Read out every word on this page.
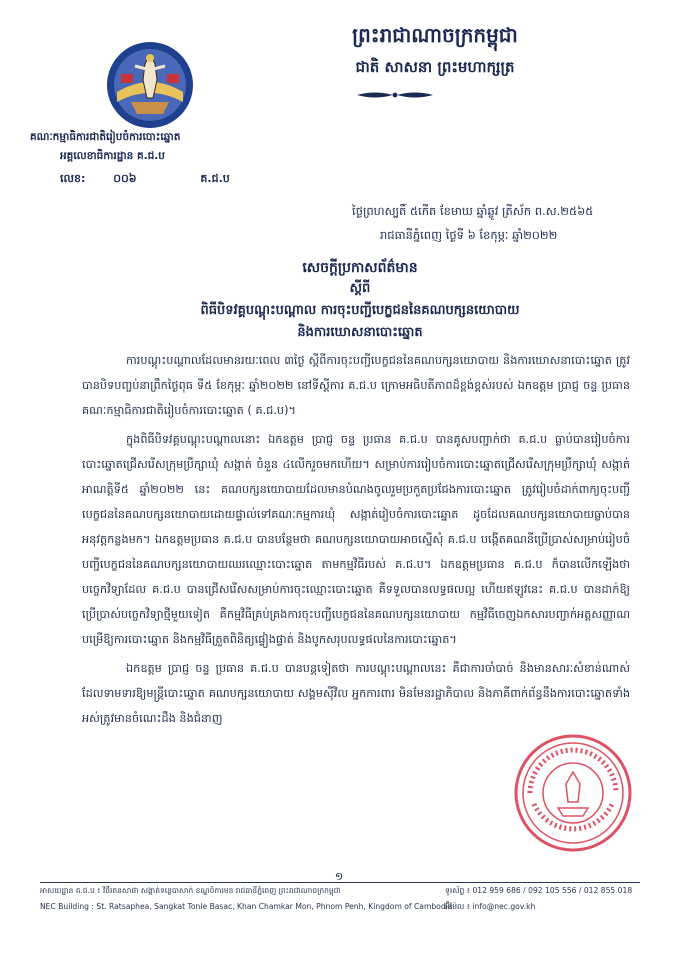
ព្រះរាជាណាចក្រកម្ពុជា
ជាតិ សាសនា ព្រះមហាក្សត្រ
គណៈកម្មាធិការជាតិរៀបចំការបោះឆ្នោត
អគ្គលេខាធិការដ្ឋាន គ.ជ.ប
លេខ:	០០៦	គ.ជ.ប
ថ្ងៃព្រហស្បតិ៍ ៥កើត ខែមាឃ ឆ្នាំឆ្លូវ ត្រីស័ក ព.ស.២៥៦៥
រាជធានីភ្នំពេញ ថ្ងៃទី ៦ ខែកុម្ភៈ ឆ្នាំ២០២២
សេចក្តីប្រកាសព័ត៌មាន
ស្តីពី
ពិធីបិទវគ្គបណ្តុះបណ្តាល ការចុះបញ្ជីបេក្ខជននៃគណបក្សនយោបាយ
និងការឃោសនាបោះឆ្នោត

ការបណ្តុះបណ្តាលដែលមានរយៈពេល ៣ថ្ងៃ ស្តីពីការចុះបញ្ជីបេក្ខជននៃគណបក្សនយោបាយ និងការឃោសនាបោះឆ្នោត ត្រូវបានបិទបញ្ចប់នាព្រឹកថ្ងៃពុធ ទី៥ ខែកុម្ភៈ ឆ្នាំ២០២២ នៅទីស្តីការ គ.ជ.ប ក្រោមអធិបតីភាពដ៏ខ្ពង់ខ្ពស់របស់ ឯកឧត្តម ប្រាជ្ញ ចន្ទ ប្រធានគណៈកម្មាធិការជាតិរៀបចំការបោះឆ្នោត ( គ.ជ.ប)។

ក្នុងពិធីបិទវគ្គបណ្តុះបណ្តាលនោះ ឯកឧត្តម ប្រាជ្ញ ចន្ទ ប្រធាន គ.ជ.ប បានគូសបញ្ជាក់ថា គ.ជ.ប ធ្លាប់បានរៀបចំការបោះឆ្នោតជ្រើសរើសក្រុមប្រឹក្សាឃុំ សង្កាត់ ចំនួន ៤លើករួចមកហើយ។ សម្រាប់ការរៀបចំការបោះឆ្នោតជ្រើសរើសក្រុមប្រឹក្សាឃុំ សង្កាត់ អាណត្តិទី៥ ឆ្នាំ២០២២ នេះ គណបក្សនយោបាយដែលមានបំណងចូលរួមប្រកួតប្រជែងការបោះឆ្នោត ត្រូវរៀបចំដាក់ពាក្យចុះបញ្ជីបេក្ខជននៃគណបក្សនយោបាយដោយផ្ទាល់ទៅគណៈកម្មការឃុំ សង្កាត់រៀបចំការបោះឆ្នោត ដូចដែលគណបក្សនយោបាយធ្លាប់បានអនុវត្តកន្លងមក។ ឯកឧត្តមប្រធាន គ.ជ.ប បានបន្ថែមថា គណបក្សនយោបាយអាចស្នើសុំ គ.ជ.ប បង្កើតគណនីប្រើប្រាស់សម្រាប់រៀបចំបញ្ជីបេក្ខជននៃគណបក្សនយោបាយឈរឈ្មោះបោះឆ្នោត តាមកម្មវិធីរបស់ គ.ជ.ប។ ឯកឧត្តមប្រធាន គ.ជ.ប ក៏បានលើកឡើងថា បច្ចេកវិទ្យាដែល គ.ជ.ប បានជ្រើសរើសសម្រាប់ការចុះឈ្មោះបោះឆ្នោត គឺទទួលបានលទ្ធផលល្អ ហើយឥឡូវនេះ គ.ជ.ប បានដាក់ឱ្យប្រើប្រាស់បច្ចេកវិទ្យាថ្មីមួយទៀត គឺកម្មវិធីគ្រប់គ្រងការចុះបញ្ជីបេក្ខជននៃគណបក្សនយោបាយ កម្មវិធីចេញឯកសារបញ្ជាក់អត្តសញ្ញាណបម្រើឱ្យការបោះឆ្នោត និងកម្មវិធីត្រួតពិនិត្យផ្ទៀងផ្ទាត់ និងបូកសរុបលទ្ធផលនៃការបោះឆ្នោត។

ឯកឧត្តម ប្រាជ្ញ ចន្ទ ប្រធាន គ.ជ.ប បានបន្តទៀតថា ការបណ្តុះបណ្តាលនេះ គឺជាការចាំបាច់ និងមានសារៈសំខាន់ណាស់ ដែលទាមទារឱ្យមន្ត្រីបោះឆ្នោត គណបក្សនយោបាយ សង្គមស៊ីវិល អ្នកការពារ មិនមែនរដ្ឋាភិបាល និងភាគីពាក់ព័ន្ធនឹងការបោះឆ្នោតទាំងអស់ត្រូវមានចំណេះដឹង និងជំនាញ

១
អាសយដ្ឋាន គ.ជ.ប ៖ វិថីរតនសាផា សង្កាត់ទន្លេបាសាក់ ខណ្ឌចំការមន រាជធានីភ្នំពេញ ព្រះរាជាណាចក្រកម្ពុជា
NEC Building : St. Ratsaphea, Sangkat Tonle Basac, Khan Chamkar Mon, Phnom Penh, Kingdom of Cambodia
ទូរស័ព្ទ ៖ 012 959 686 / 092 105 556 / 012 855 018
អ៊ីម៉ែល ៖ info@nec.gov.kh
